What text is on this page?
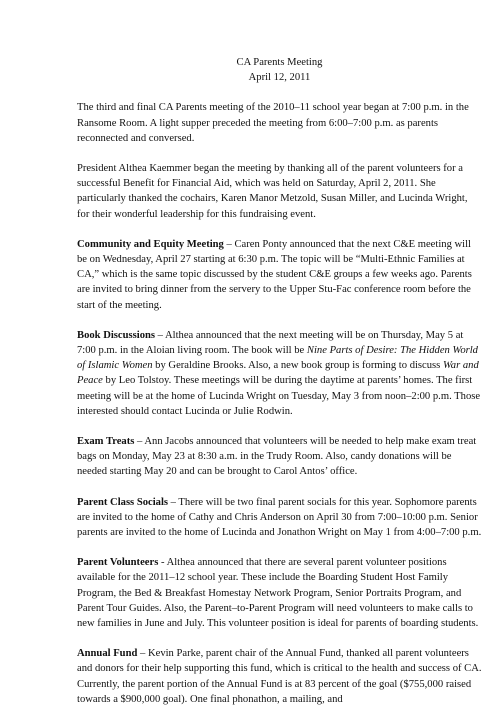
CA Parents Meeting
April 12, 2011

The third and final CA Parents meeting of the 2010–11 school year began at 7:00 p.m. in the Ransome Room. A light supper preceded the meeting from 6:00–7:00 p.m. as parents reconnected and conversed.

President Althea Kaemmer began the meeting by thanking all of the parent volunteers for a successful Benefit for Financial Aid, which was held on Saturday, April 2, 2011. She particularly thanked the cochairs, Karen Manor Metzold, Susan Miller, and Lucinda Wright, for their wonderful leadership for this fundraising event.

Community and Equity Meeting – Caren Ponty announced that the next C&E meeting will be on Wednesday, April 27 starting at 6:30 p.m. The topic will be “Multi-Ethnic Families at CA,” which is the same topic discussed by the student C&E groups a few weeks ago. Parents are invited to bring dinner from the servery to the Upper Stu-Fac conference room before the start of the meeting.

Book Discussions – Althea announced that the next meeting will be on Thursday, May 5 at 7:00 p.m. in the Aloian living room. The book will be Nine Parts of Desire: The Hidden World of Islamic Women by Geraldine Brooks. Also, a new book group is forming to discuss War and Peace by Leo Tolstoy. These meetings will be during the daytime at parents’ homes. The first meeting will be at the home of Lucinda Wright on Tuesday, May 3 from noon–2:00 p.m. Those interested should contact Lucinda or Julie Rodwin.

Exam Treats – Ann Jacobs announced that volunteers will be needed to help make exam treat bags on Monday, May 23 at 8:30 a.m. in the Trudy Room. Also, candy donations will be needed starting May 20 and can be brought to Carol Antos’ office.

Parent Class Socials – There will be two final parent socials for this year. Sophomore parents are invited to the home of Cathy and Chris Anderson on April 30 from 7:00–10:00 p.m. Senior parents are invited to the home of Lucinda and Jonathon Wright on May 1 from 4:00–7:00 p.m.

Parent Volunteers - Althea announced that there are several parent volunteer positions available for the 2011–12 school year. These include the Boarding Student Host Family Program, the Bed & Breakfast Homestay Network Program, Senior Portraits Program, and Parent Tour Guides. Also, the Parent–to-Parent Program will need volunteers to make calls to new families in June and July. This volunteer position is ideal for parents of boarding students.

Annual Fund – Kevin Parke, parent chair of the Annual Fund, thanked all parent volunteers and donors for their help supporting this fund, which is critical to the health and success of CA. Currently, the parent portion of the Annual Fund is at 83 percent of the goal ($755,000 raised towards a $900,000 goal). One final phonathon, a mailing, and
